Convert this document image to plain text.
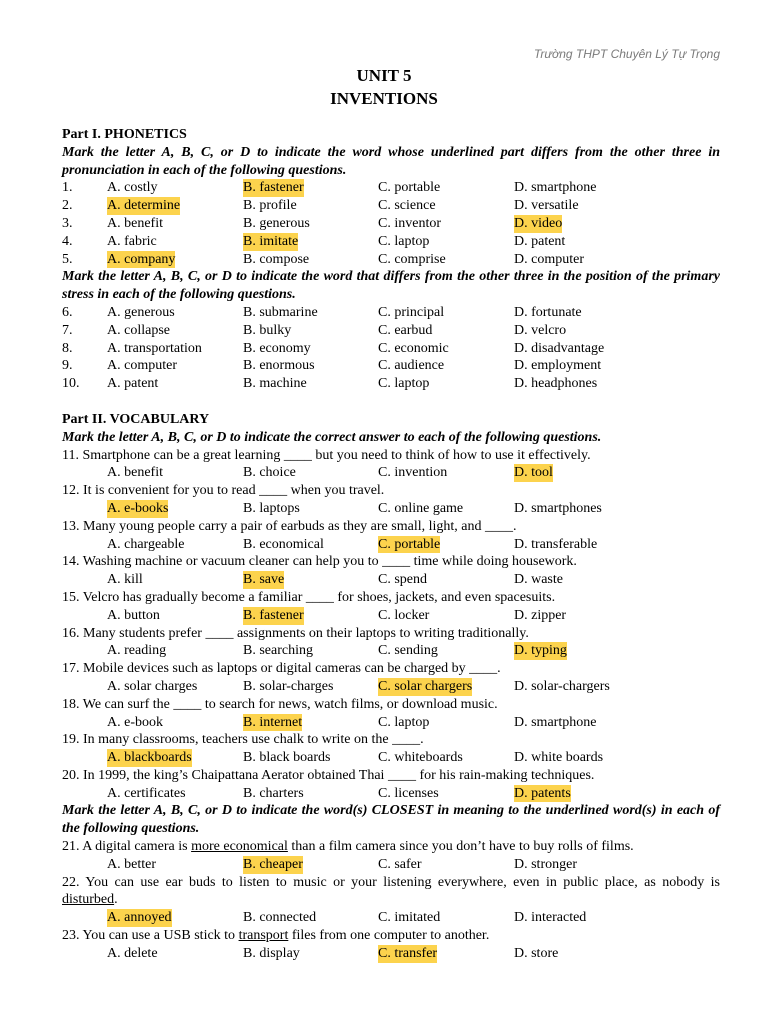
Trường THPT Chuyên Lý Tự Trọng
UNIT 5
INVENTIONS
Part I. PHONETICS
Mark the letter A, B, C, or D to indicate the word whose underlined part differs from the other three in pronunciation in each of the following questions.
1. A. costly	B. fastener	C. portable	D. smartphone
2. A. determine	B. profile	C. science	D. versatile
3. A. benefit	B. generous	C. inventor	D. video
4. A. fabric	B. imitate	C. laptop	D. patent
5. A. company	B. compose	C. comprise	D. computer
Mark the letter A, B, C, or D to indicate the word that differs from the other three in the position of the primary stress in each of the following questions.
6. A. generous	B. submarine	C. principal	D. fortunate
7. A. collapse	B. bulky	C. earbud	D. velcro
8. A. transportation	B. economy	C. economic	D. disadvantage
9. A. computer	B. enormous	C. audience	D. employment
10. A. patent	B. machine	C. laptop	D. headphones
Part II. VOCABULARY
Mark the letter A, B, C, or D to indicate the correct answer to each of the following questions.
11. Smartphone can be a great learning ____ but you need to think of how to use it effectively.
A. benefit	B. choice	C. invention	D. tool
12. It is convenient for you to read ____ when you travel.
A. e-books	B. laptops	C. online game	D. smartphones
13. Many young people carry a pair of earbuds as they are small, light, and ____.
A. chargeable	B. economical	C. portable	D. transferable
14. Washing machine or vacuum cleaner can help you to ____ time while doing housework.
A. kill	B. save	C. spend	D. waste
15. Velcro has gradually become a familiar ____ for shoes, jackets, and even spacesuits.
A. button	B. fastener	C. locker	D. zipper
16. Many students prefer ____ assignments on their laptops to writing traditionally.
A. reading	B. searching	C. sending	D. typing
17. Mobile devices such as laptops or digital cameras can be charged by ____.
A. solar charges	B. solar-charges	C. solar chargers	D. solar-chargers
18. We can surf the ____ to search for news, watch films, or download music.
A. e-book	B. internet	C. laptop	D. smartphone
19. In many classrooms, teachers use chalk to write on the ____.
A. blackboards	B. black boards	C. whiteboards	D. white boards
20. In 1999, the king’s Chaipattana Aerator obtained Thai ____ for his rain-making techniques.
A. certificates	B. charters	C. licenses	D. patents
Mark the letter A, B, C, or D to indicate the word(s) CLOSEST in meaning to the underlined word(s) in each of the following questions.
21. A digital camera is more economical than a film camera since you don’t have to buy rolls of films.
A. better	B. cheaper	C. safer	D. stronger
22. You can use ear buds to listen to music or your listening everywhere, even in public place, as nobody is disturbed.
A. annoyed	B. connected	C. imitated	D. interacted
23. You can use a USB stick to transport files from one computer to another.
A. delete	B. display	C. transfer	D. store
